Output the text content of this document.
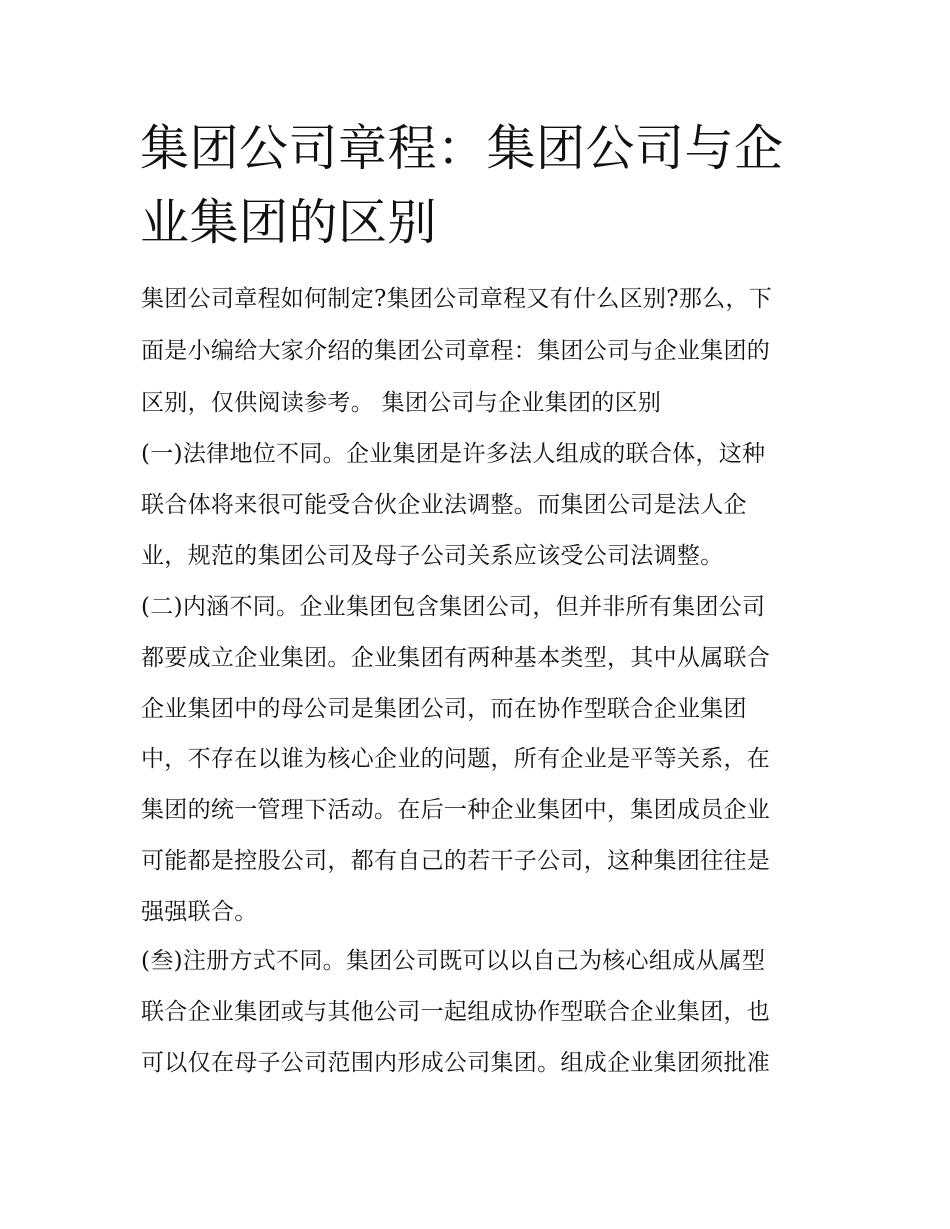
集团公司章程：集团公司与企
业集团的区别

集团公司章程如何制定?集团公司章程又有什么区别?那么，下

面是小编给大家介绍的集团公司章程：集团公司与企业集团的

区别，仅供阅读参考。 集团公司与企业集团的区别

(一)法律地位不同。企业集团是许多法人组成的联合体，这种

联合体将来很可能受合伙企业法调整。而集团公司是法人企

业，规范的集团公司及母子公司关系应该受公司法调整。

(二)内涵不同。企业集团包含集团公司，但并非所有集团公司

都要成立企业集团。企业集团有两种基本类型，其中从属联合

企业集团中的母公司是集团公司，而在协作型联合企业集团

中，不存在以谁为核心企业的问题，所有企业是平等关系，在

集团的统一管理下活动。在后一种企业集团中，集团成员企业

可能都是控股公司，都有自己的若干子公司，这种集团往往是

强强联合。

(叁)注册方式不同。集团公司既可以以自己为核心组成从属型

联合企业集团或与其他公司一起组成协作型联合企业集团，也

可以仅在母子公司范围内形成公司集团。组成企业集团须批准
